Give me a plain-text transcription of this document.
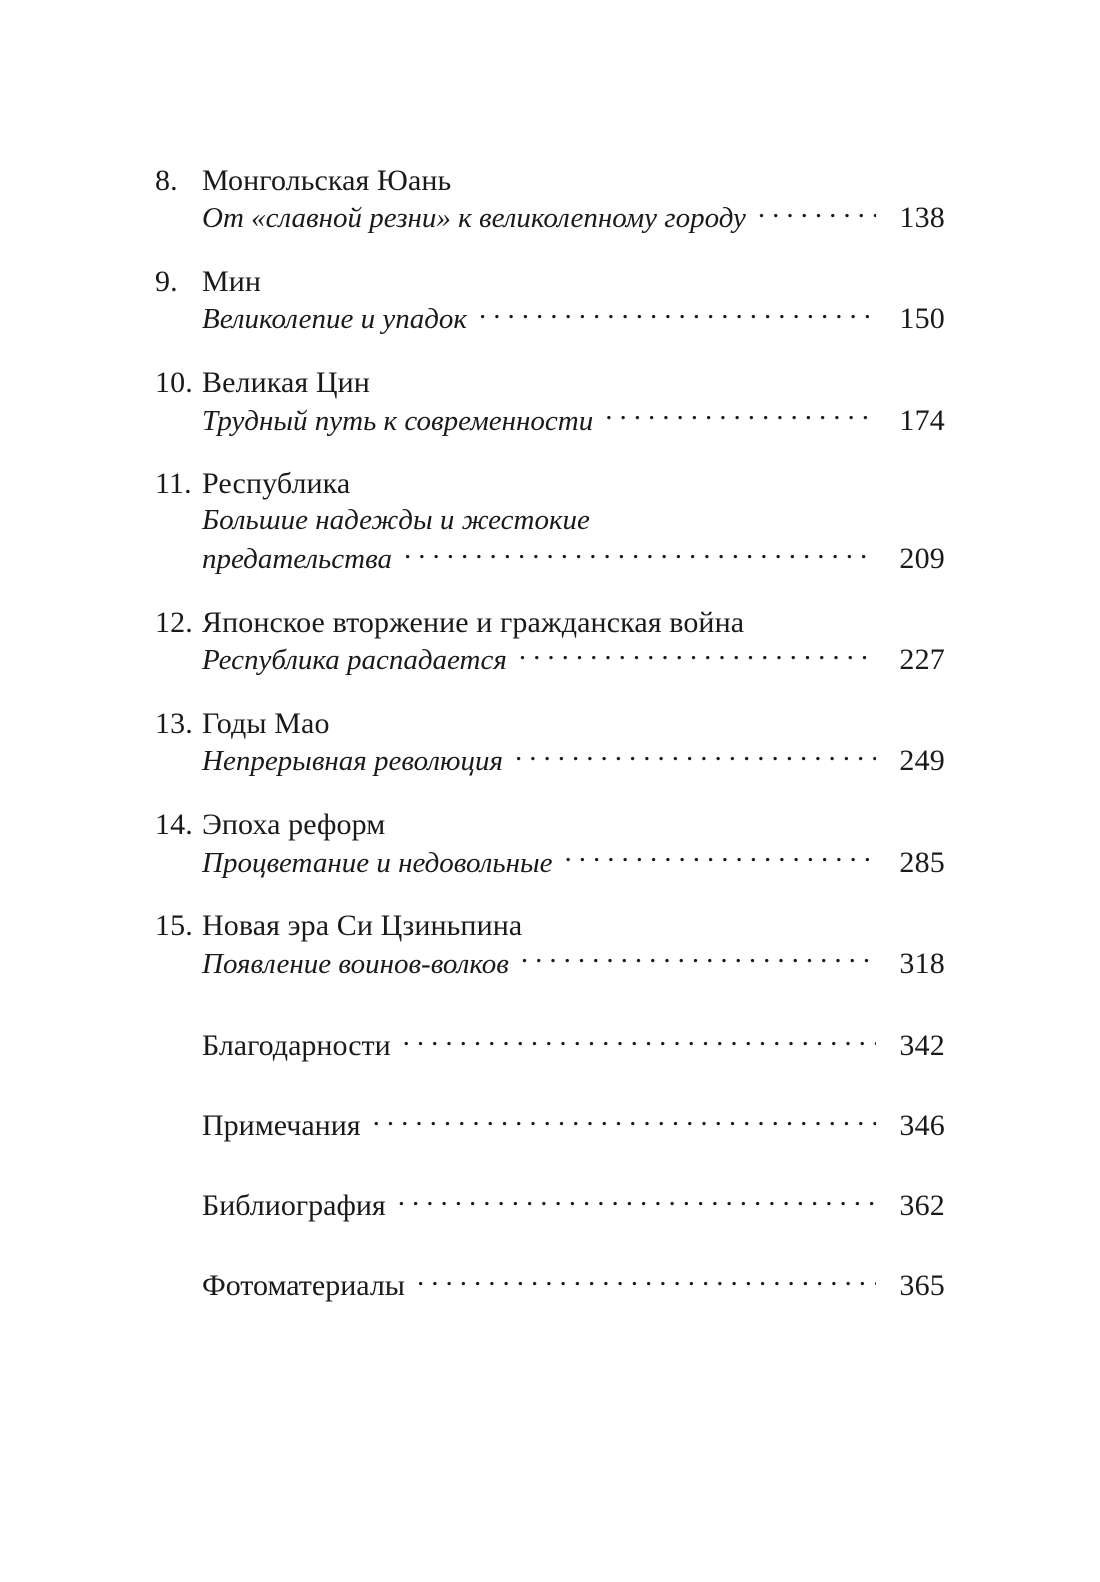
8. Монгольская Юань
От «славной резни» к великолепному городу .....	138
9. Мин
Великолепие и упадок .....	150
10. Великая Цин
Трудный путь к современности .....	174
11. Республика
Большие надежды и жестокие
предательства .....	209
12. Японское вторжение и гражданская война
Республика распадается .....	227
13. Годы Мао
Непрерывная революция .....	249
14. Эпоха реформ
Процветание и недовольные .....	285
15. Новая эра Си Цзиньпина
Появление воинов-волков .....	318
Благодарности .....	342
Примечания .....	346
Библиография .....	362
Фотоматериалы .....	365
